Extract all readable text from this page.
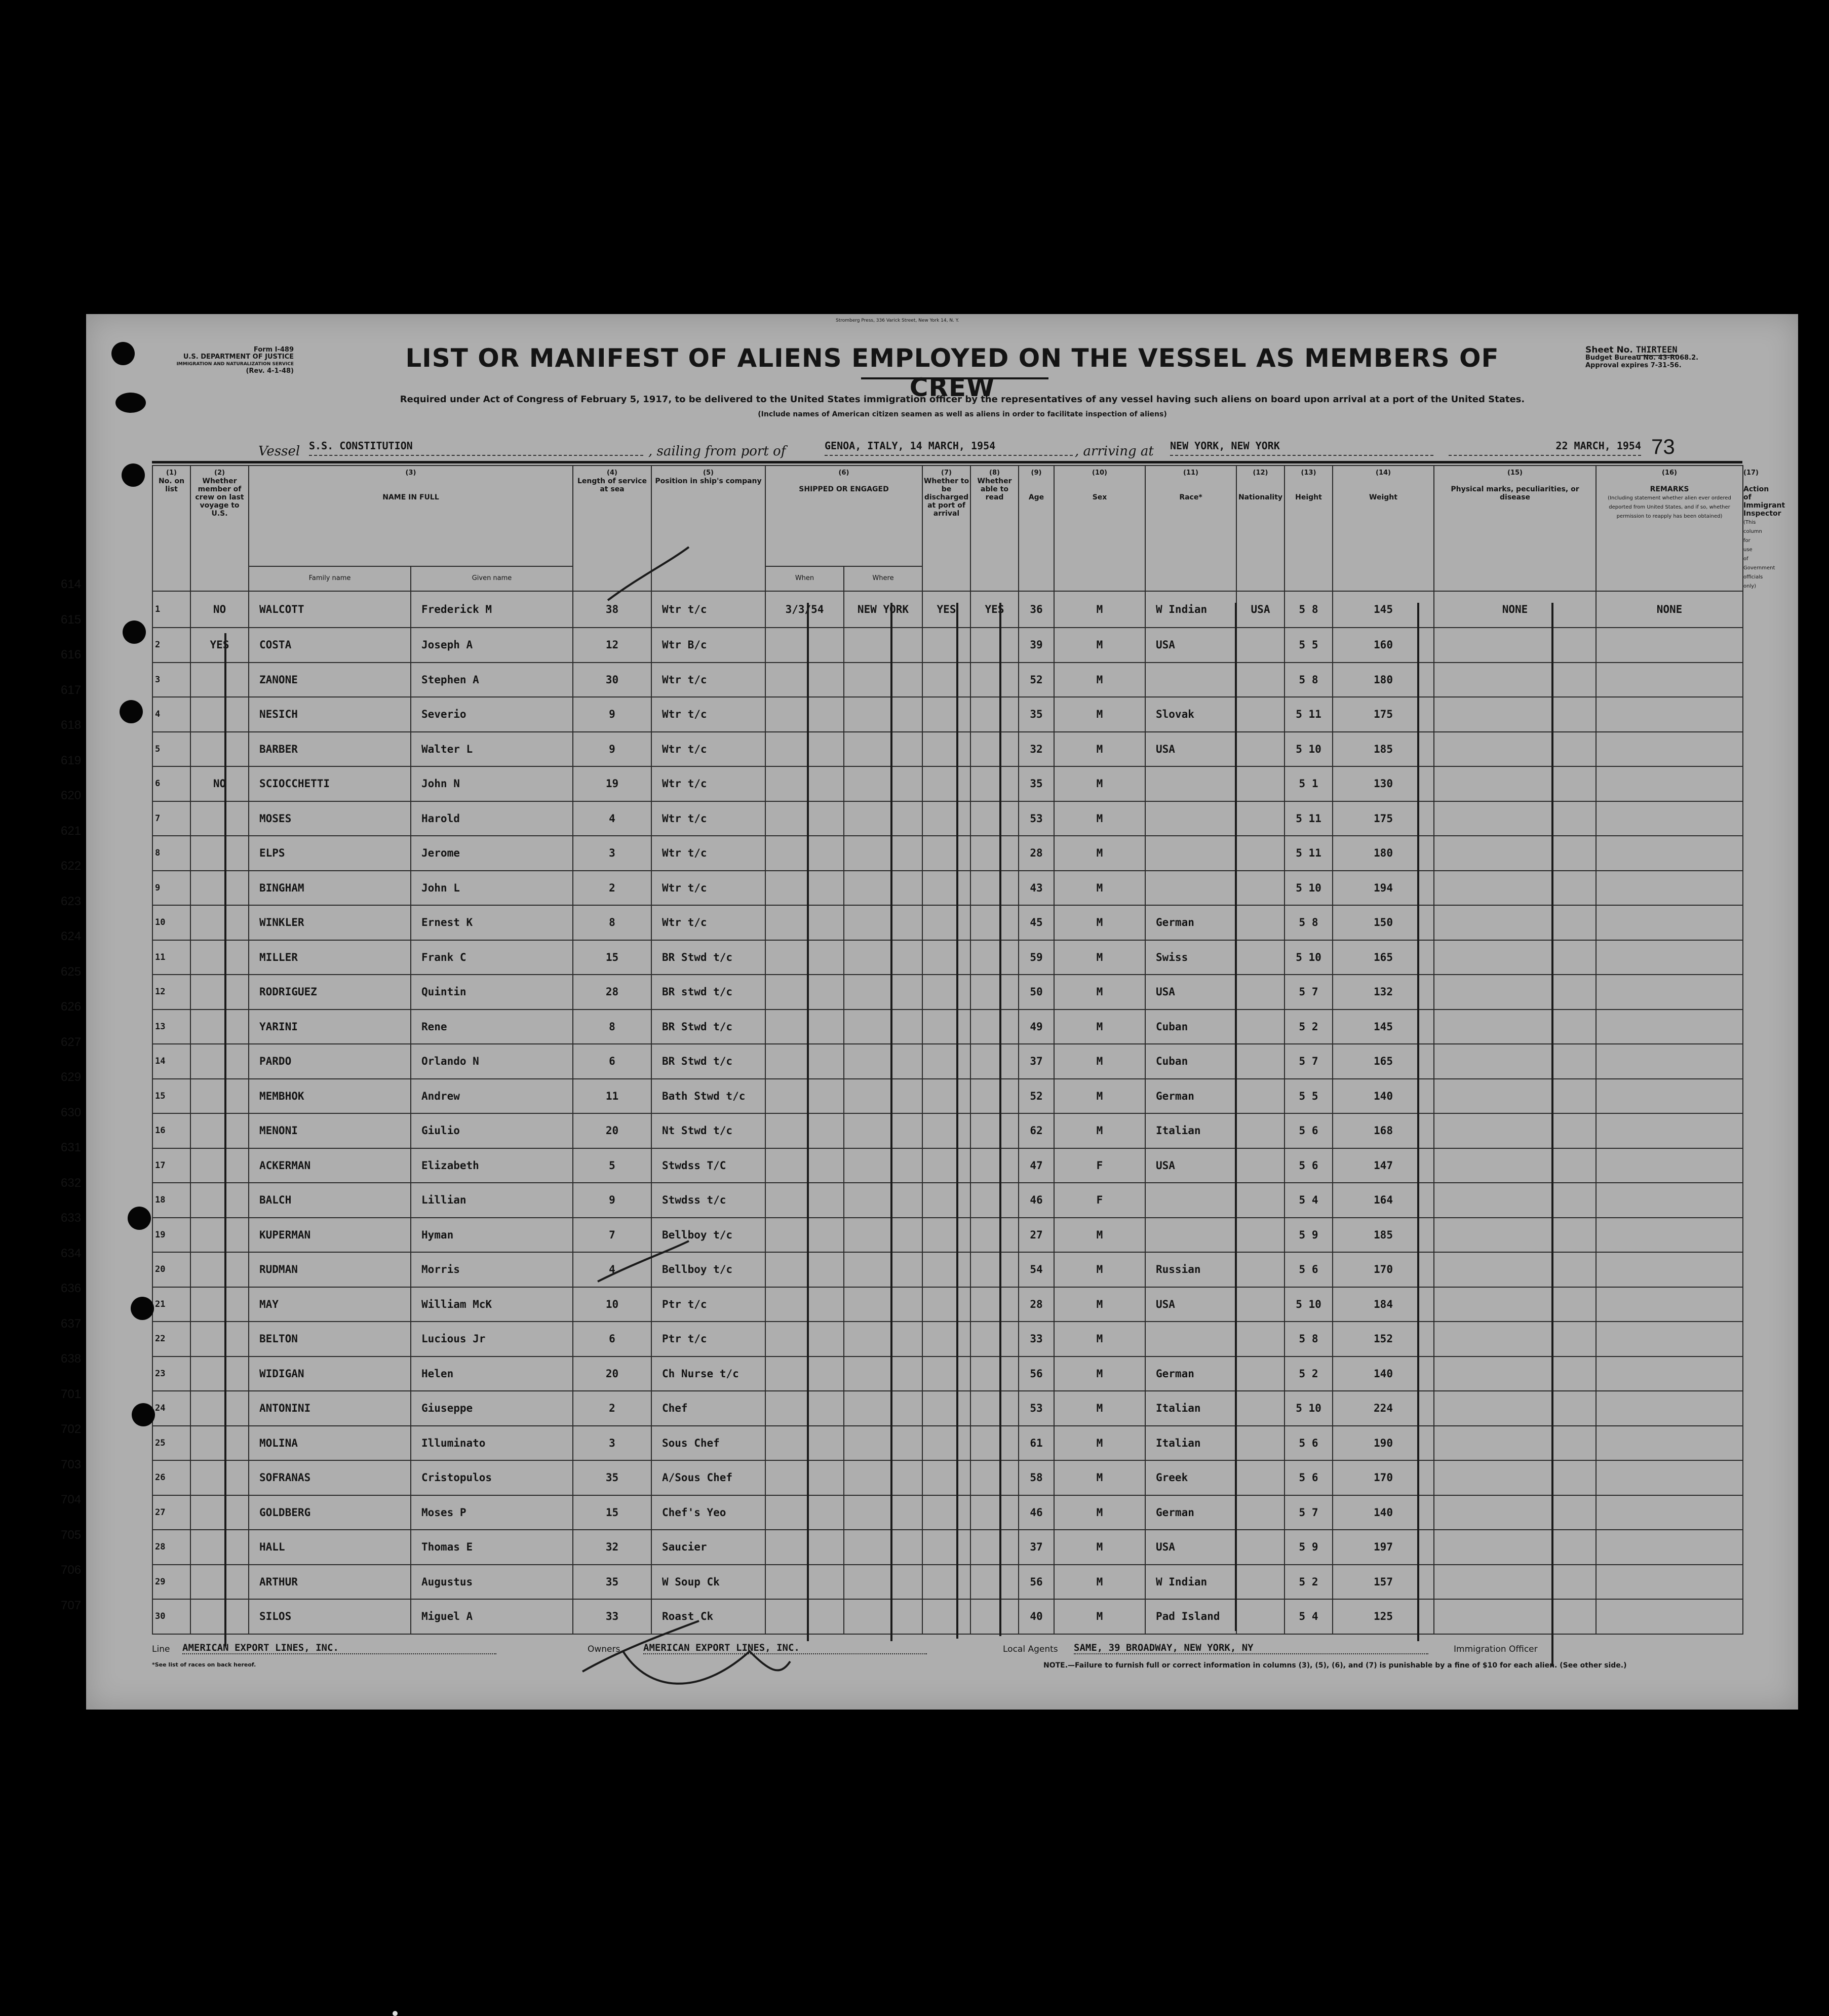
Stromberg Press, 336 Varick Street, New York 14, N. Y.
Form I-489
U.S. DEPARTMENT OF JUSTICE
IMMIGRATION AND NATURALIZATION SERVICE
(Rev. 4-1-48)	LIST OR MANIFEST OF ALIENS EMPLOYED ON THE VESSEL AS MEMBERS OF CREW
Sheet No. THIRTEEN
Budget Bureau No. 43-R068.2.
Approval expires 7-31-56.
Required under Act of Congress of February 5, 1917, to be delivered to the United States immigration officer by the representatives of any vessel having such aliens on board upon arrival at a port of the United States.
(Include names of American citizen seamen as well as aliens in order to facilitate inspection of aliens)
Vessel S.S. CONSTITUTION	, sailing from port of	GENOA, ITALY, 14 MARCH, 1954	, arriving at NEW YORK, NEW YORK	22 MARCH, 1954 73
(1)
No. on list	(2)
Whether member of crew on last voyage to U.S.	(3)

NAME IN FULL		(4)
Length of service at sea	(5)
Position in ship's company	(6)

SHIPPED OR ENGAGED		(7)
Whether to be discharged at port of arrival	(8)
Whether able to read	(9)

Age	(10)

Sex	(11)

Race*	(12)

Nationality	(13)

Height	(14)

Weight	(15)

Physical marks, peculiarities, or disease	(16)

REMARKS
(Including statement whether alien ever ordered deported from United States, and if so, whether permission to reapply has been obtained)	(17)

Action of Immigrant Inspector
(This column for use of Government officials only)
		Family name	Given name			When	Where											
1	NO	WALCOTT	Frederick M	38	Wtr t/c	3/3/54	NEW YORK	YES	YES	36	M	W Indian	USA	5 8	145	NONE	NONE	
2	YES	COSTA	Joseph A	12	Wtr B/c					39	M	USA		5 5	160			
3		ZANONE	Stephen A	30	Wtr t/c					52	M			5 8	180			
4		NESICH	Severio	9	Wtr t/c					35	M	Slovak		5 11	175			
5		BARBER	Walter L	9	Wtr t/c					32	M	USA		5 10	185			
6	NO	SCIOCCHETTI	John N	19	Wtr t/c					35	M			5 1	130			
7		MOSES	Harold	4	Wtr t/c					53	M			5 11	175			
8		ELPS	Jerome	3	Wtr t/c					28	M			5 11	180			
9		BINGHAM	John L	2	Wtr t/c					43	M			5 10	194			
10		WINKLER	Ernest K	8	Wtr t/c					45	M	German		5 8	150			
11		MILLER	Frank C	15	BR Stwd t/c					59	M	Swiss		5 10	165			
12		RODRIGUEZ	Quintin	28	BR stwd t/c					50	M	USA		5 7	132			
13		YARINI	Rene	8	BR Stwd t/c					49	M	Cuban		5 2	145			
14		PARDO	Orlando N	6	BR Stwd t/c					37	M	Cuban		5 7	165			
15		MEMBHOK	Andrew	11	Bath Stwd t/c					52	M	German		5 5	140			
16		MENONI	Giulio	20	Nt Stwd t/c					62	M	Italian		5 6	168			
17		ACKERMAN	Elizabeth	5	Stwdss T/C					47	F	USA		5 6	147			
18		BALCH	Lillian	9	Stwdss t/c					46	F			5 4	164			
19		KUPERMAN	Hyman	7	Bellboy t/c					27	M			5 9	185			
20		RUDMAN	Morris	4	Bellboy t/c					54	M	Russian		5 6	170			
21		MAY	William McK	10	Ptr t/c					28	M	USA		5 10	184			
22		BELTON	Lucious Jr	6	Ptr t/c					33	M			5 8	152			
23		WIDIGAN	Helen	20	Ch Nurse t/c					56	M	German		5 2	140			
24		ANTONINI	Giuseppe	2	Chef					53	M	Italian		5 10	224			
25		MOLINA	Illuminato	3	Sous Chef					61	M	Italian		5 6	190			
26		SOFRANAS	Cristopulos	35	A/Sous Chef					58	M	Greek		5 6	170			
27		GOLDBERG	Moses P	15	Chef's Yeo					46	M	German		5 7	140			
28		HALL	Thomas E	32	Saucier					37	M	USA		5 9	197			
29		ARTHUR	Augustus	35	W Soup Ck					56	M	W Indian		5 2	157			
30		SILOS	Miguel A	33	Roast Ck					40	M	Pad Island		5 4	125			
Line AMERICAN EXPORT LINES, INC.	Owners AMERICAN EXPORT LINES, INC.	Local Agents SAME, 39 BROADWAY, NEW YORK, NY	Immigration Officer
*See list of races on back hereof.	NOTE.—Failure to furnish full or correct information in columns (3), (5), (6), and (7) is punishable by a fine of $10 for each alien. (See other side.)
614
615
616
617
618
619
620
621
622
623
624
625
626
627
629
630
631
632
633
634
636
637
638
701
702
703
704
705
706
707
